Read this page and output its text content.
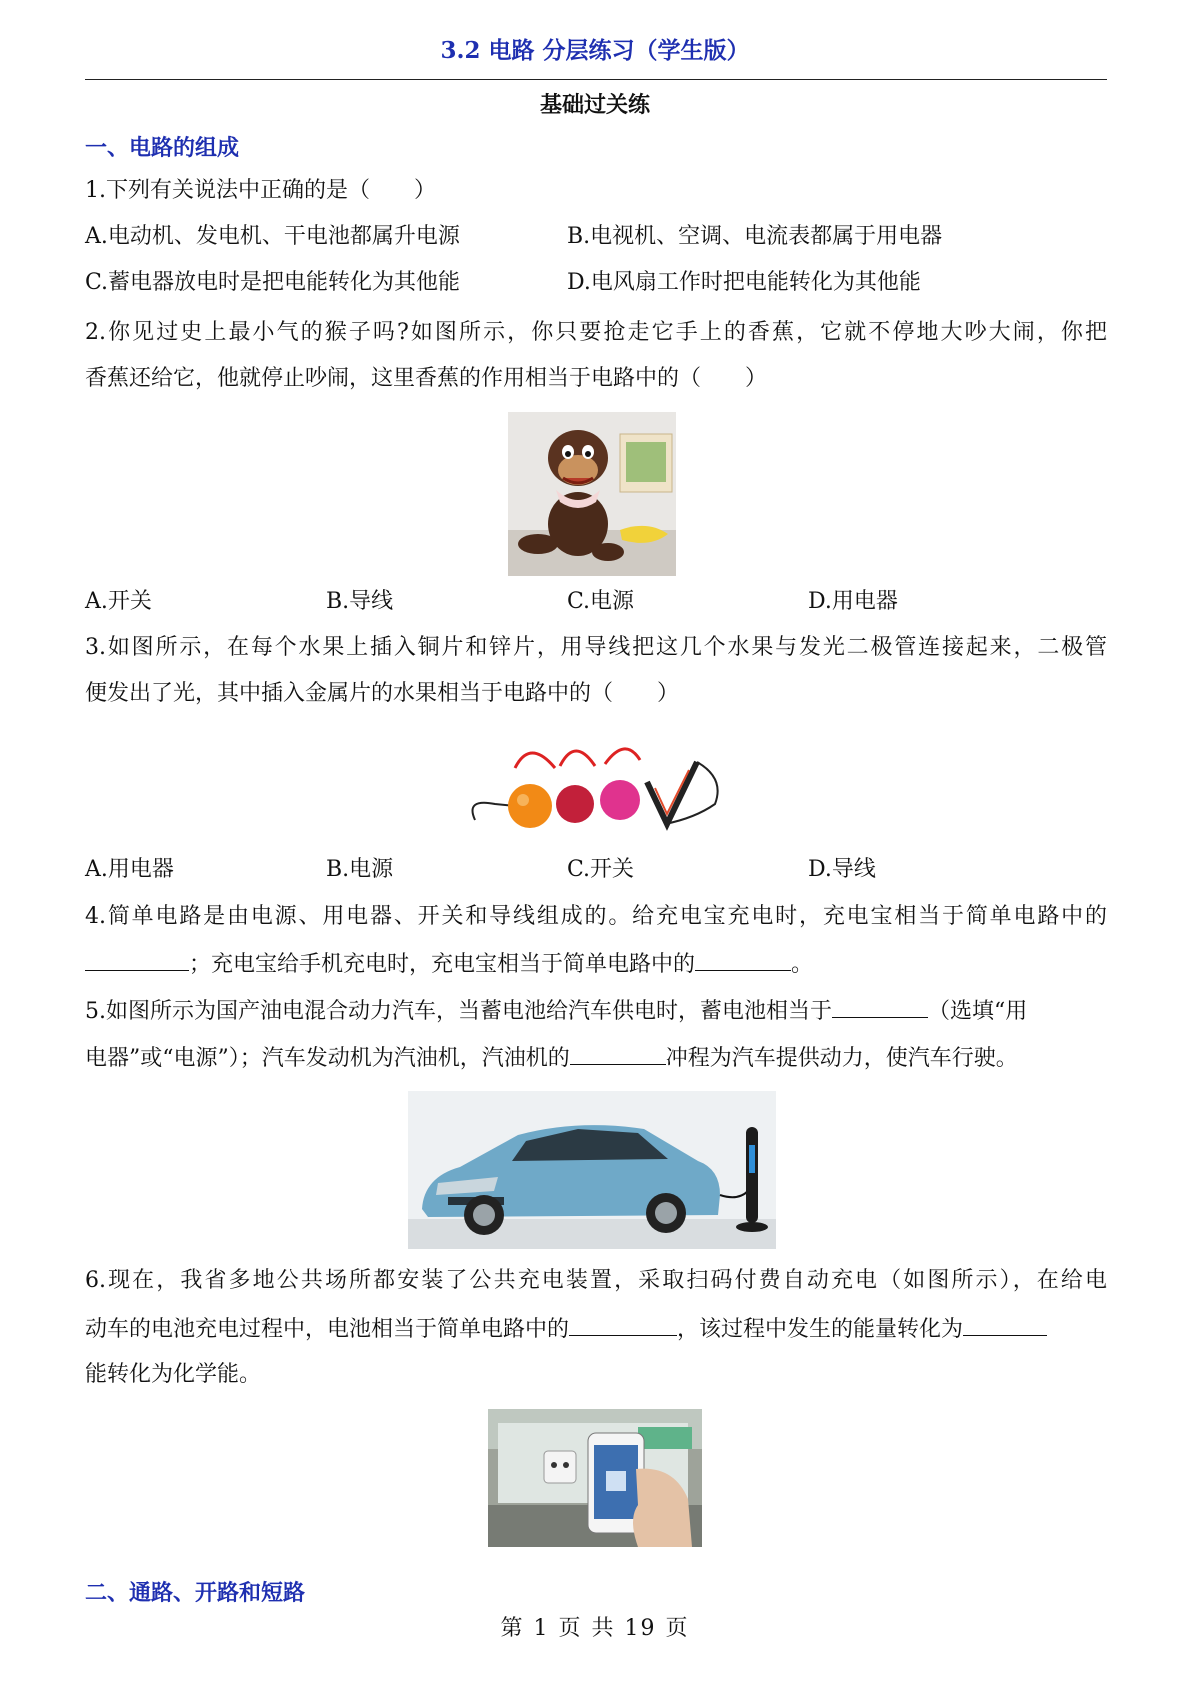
3.2 电路 分层练习（学生版）
基础过关练
一、电路的组成
1.下列有关说法中正确的是（　　）
A.电动机、发电机、干电池都属升电源	B.电视机、空调、电流表都属于用电器
C.蓄电器放电时是把电能转化为其他能	D.电风扇工作时把电能转化为其他能
2.你见过史上最小气的猴子吗?如图所示，你只要抢走它手上的香蕉，它就不停地大吵大闹，你把
香蕉还给它，他就停止吵闹，这里香蕉的作用相当于电路中的（　　）
A.开关	B.导线	C.电源	D.用电器
3.如图所示，在每个水果上插入铜片和锌片，用导线把这几个水果与发光二极管连接起来，二极管
便发出了光，其中插入金属片的水果相当于电路中的（　　）
A.用电器	B.电源	C.开关	D.导线
4.简单电路是由电源、用电器、开关和导线组成的。给充电宝充电时，充电宝相当于简单电路中的
；充电宝给手机充电时，充电宝相当于简单电路中的	。
5.如图所示为国产油电混合动力汽车，当蓄电池给汽车供电时，蓄电池相当于	（选填“用
电器”或“电源”）；汽车发动机为汽油机，汽油机的	冲程为汽车提供动力，使汽车行驶。
6.现在，我省多地公共场所都安装了公共充电装置，采取扫码付费自动充电（如图所示），在给电
动车的电池充电过程中，电池相当于简单电路中的	，该过程中发生的能量转化为
能转化为化学能。
二、通路、开路和短路
第 1 页 共 19 页
